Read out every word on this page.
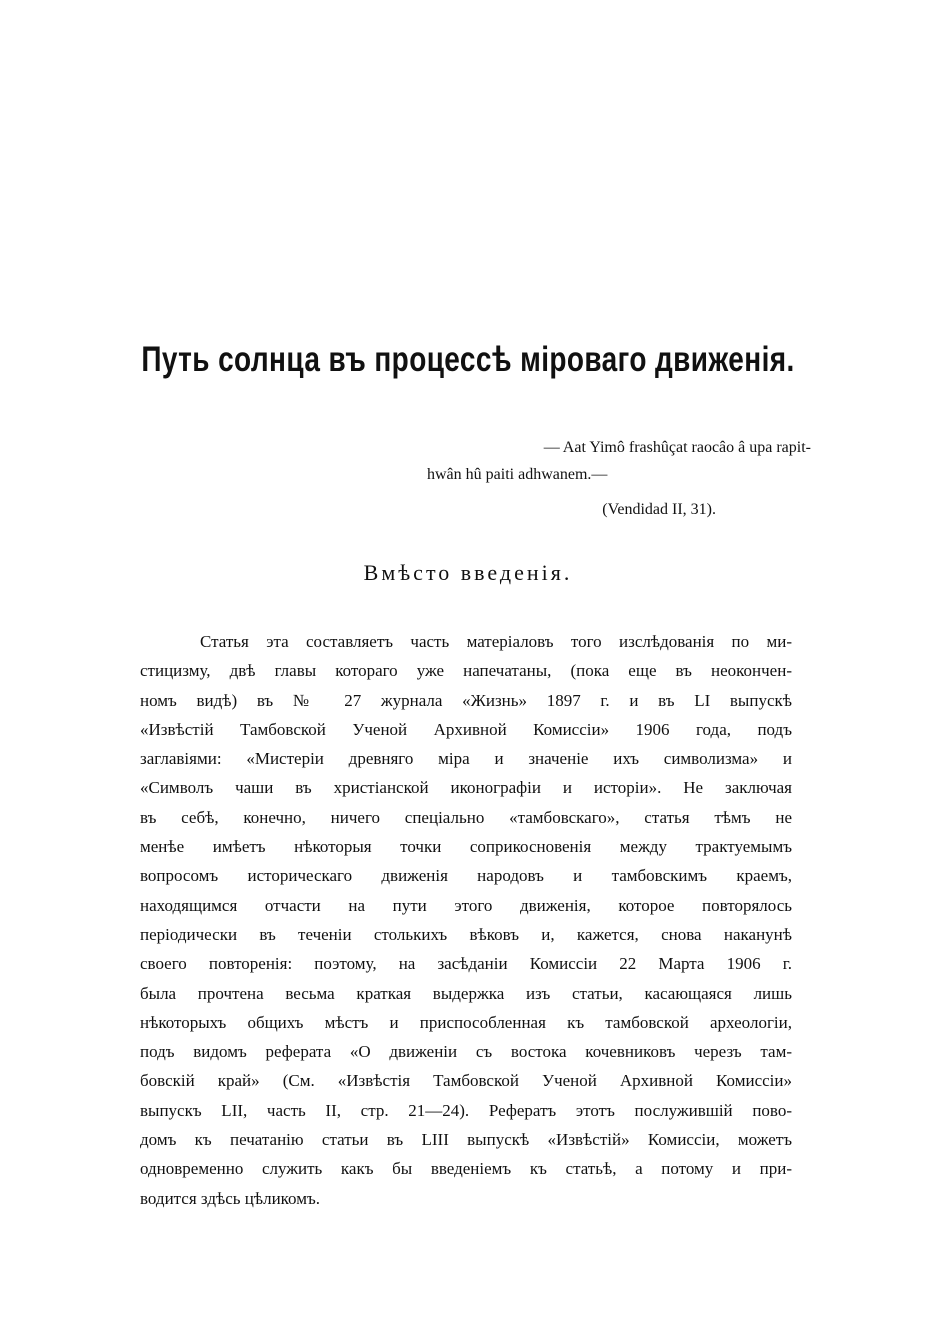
Путь солнца въ процессѣ мiроваго движенiя.
— Aat Yimô frashûçat raocâo â upa rapit-
hwân hû paiti adhwanem.—
(Vendidad II, 31).
Вмѣсто введенiя.
Статья эта составляетъ часть матерiаловъ того изслѣдованiя по ми-
стицизму, двѣ главы котораго уже напечатаны, (пока еще въ неокончен-
номъ видѣ) въ № 27 журнала «Жизнь» 1897 г. и въ LI выпускѣ
«Извѣстiй Тамбовской Ученой Архивной Комиссiи» 1906 года, подъ
заглавiями: «Мистерiи древняго мiра и значенiе ихъ символизма» и
«Символъ чаши въ христiанской иконографiи и исторiи». Не заключая
въ себѣ, конечно, ничего спецiально «тамбовскаго», статья тѣмъ не
менѣе имѣетъ нѣкоторыя точки соприкосновенiя между трактуемымъ
вопросомъ историческаго движенiя народовъ и тамбовскимъ краемъ,
находящимся отчасти на пути этого движенiя, которое повторялось
перiодически въ теченiи столькихъ вѣковъ и, кажется, снова наканунѣ
своего повторенiя: поэтому, на засѣданiи Комиссiи 22 Марта 1906 г.
была прочтена весьма краткая выдержка изъ статьи, касающаяся лишь
нѣкоторыхъ общихъ мѣстъ и приспособленная къ тамбовской археологiи,
подъ видомъ реферата «О движенiи съ востока кочевниковъ черезъ там-
бовскiй край» (См. «Извѣстiя Тамбовской Ученой Архивной Комиссiи»
выпускъ LII, часть II, стр. 21—24). Рефератъ этотъ послужившiй пово-
домъ къ печатанiю статьи въ LIII выпускѣ «Извѣстiй» Комиссiи, можетъ
одновременно служить какъ бы введенiемъ къ статьѣ, а потому и при-
водится здѣсь цѣликомъ.
